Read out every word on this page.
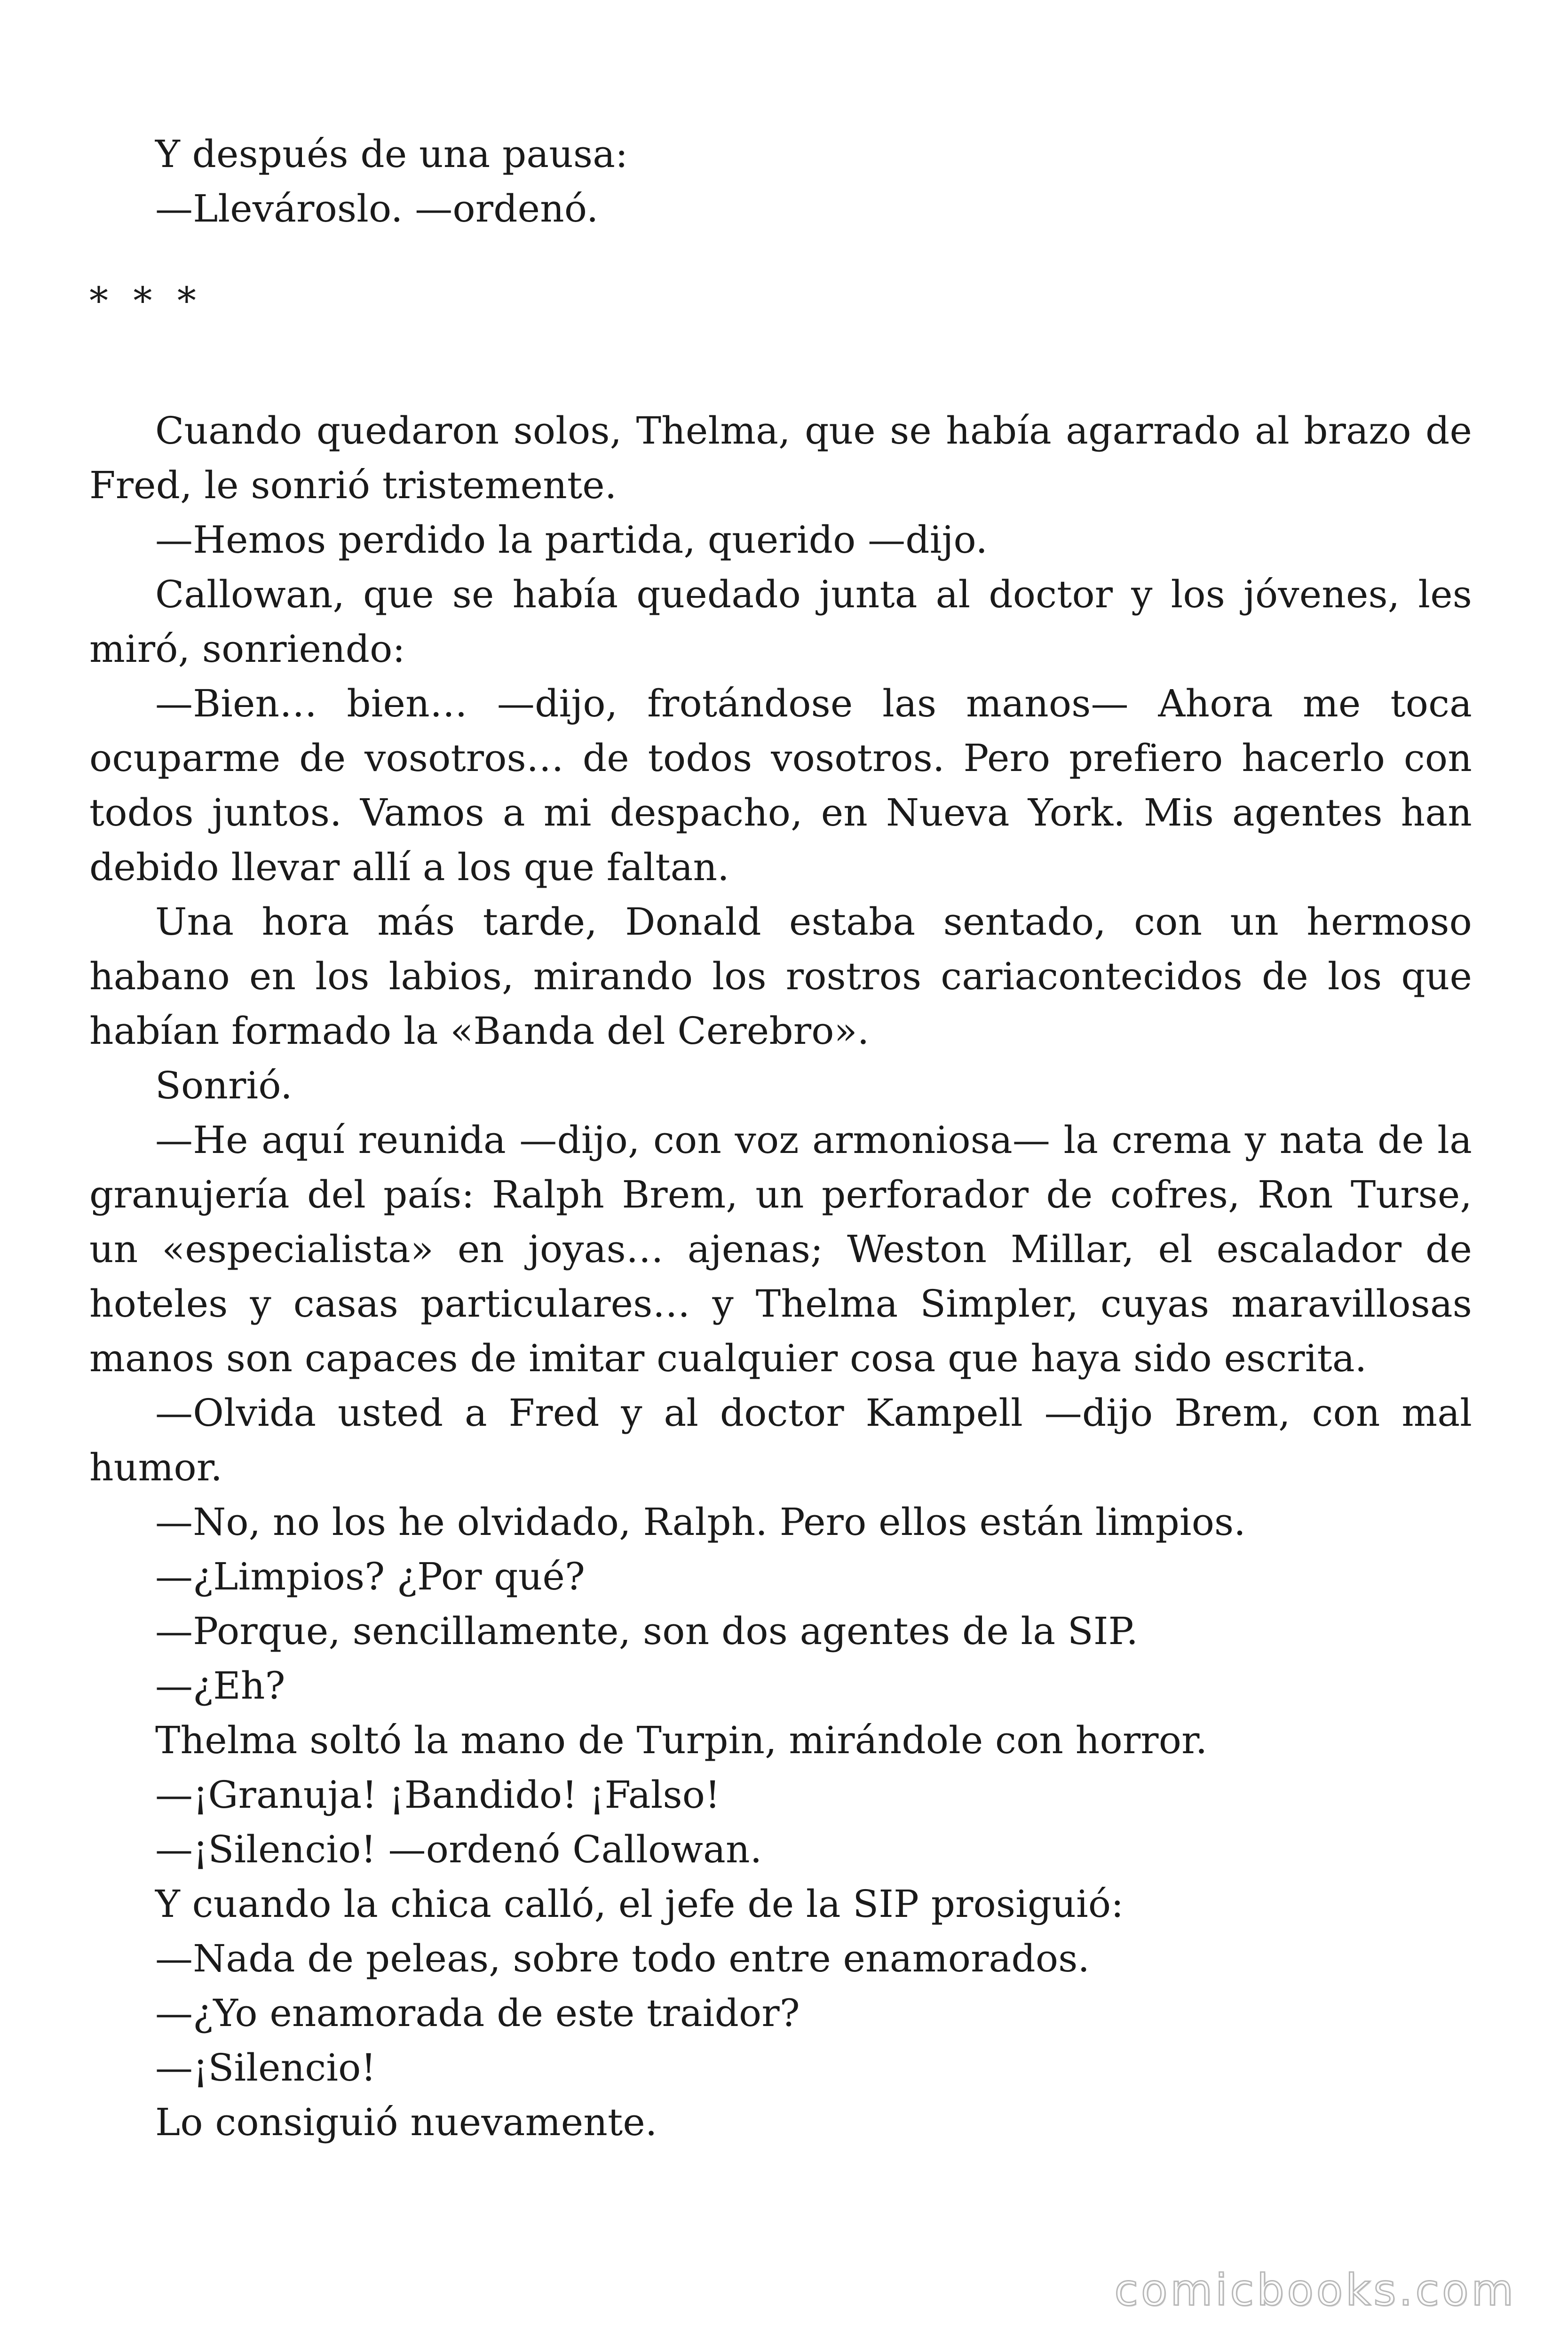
Y después de una pausa:

—Llevároslo. —ordenó.

* * *

Cuando quedaron solos, Thelma, que se había agarrado al brazo de Fred, le sonrió tristemente.

—Hemos perdido la partida, querido —dijo.

Callowan, que se había quedado junta al doctor y los jóvenes, les miró, sonriendo:

—Bien… bien… —dijo, frotándose las manos— Ahora me toca ocuparme de vosotros… de todos vosotros. Pero prefiero hacerlo con todos juntos. Vamos a mi despacho, en Nueva York. Mis agentes han debido llevar allí a los que faltan.

Una hora más tarde, Donald estaba sentado, con un hermoso habano en los labios, mirando los rostros cariacontecidos de los que habían formado la «Banda del Cerebro».

Sonrió.

—He aquí reunida —dijo, con voz armoniosa— la crema y nata de la granujería del país: Ralph Brem, un perforador de cofres, Ron Turse, un «especialista» en joyas… ajenas; Weston Millar, el escalador de hoteles y casas particulares… y Thelma Simpler, cuyas maravillosas manos son capaces de imitar cualquier cosa que haya sido escrita.

—Olvida usted a Fred y al doctor Kampell —dijo Brem, con mal humor.

—No, no los he olvidado, Ralph. Pero ellos están limpios.

—¿Limpios? ¿Por qué?

—Porque, sencillamente, son dos agentes de la SIP.

—¿Eh?

Thelma soltó la mano de Turpin, mirándole con horror.

—¡Granuja! ¡Bandido! ¡Falso!

—¡Silencio! —ordenó Callowan.

Y cuando la chica calló, el jefe de la SIP prosiguió:

—Nada de peleas, sobre todo entre enamorados.

—¿Yo enamorada de este traidor?

—¡Silencio!

Lo consiguió nuevamente.

comicbooks.com
